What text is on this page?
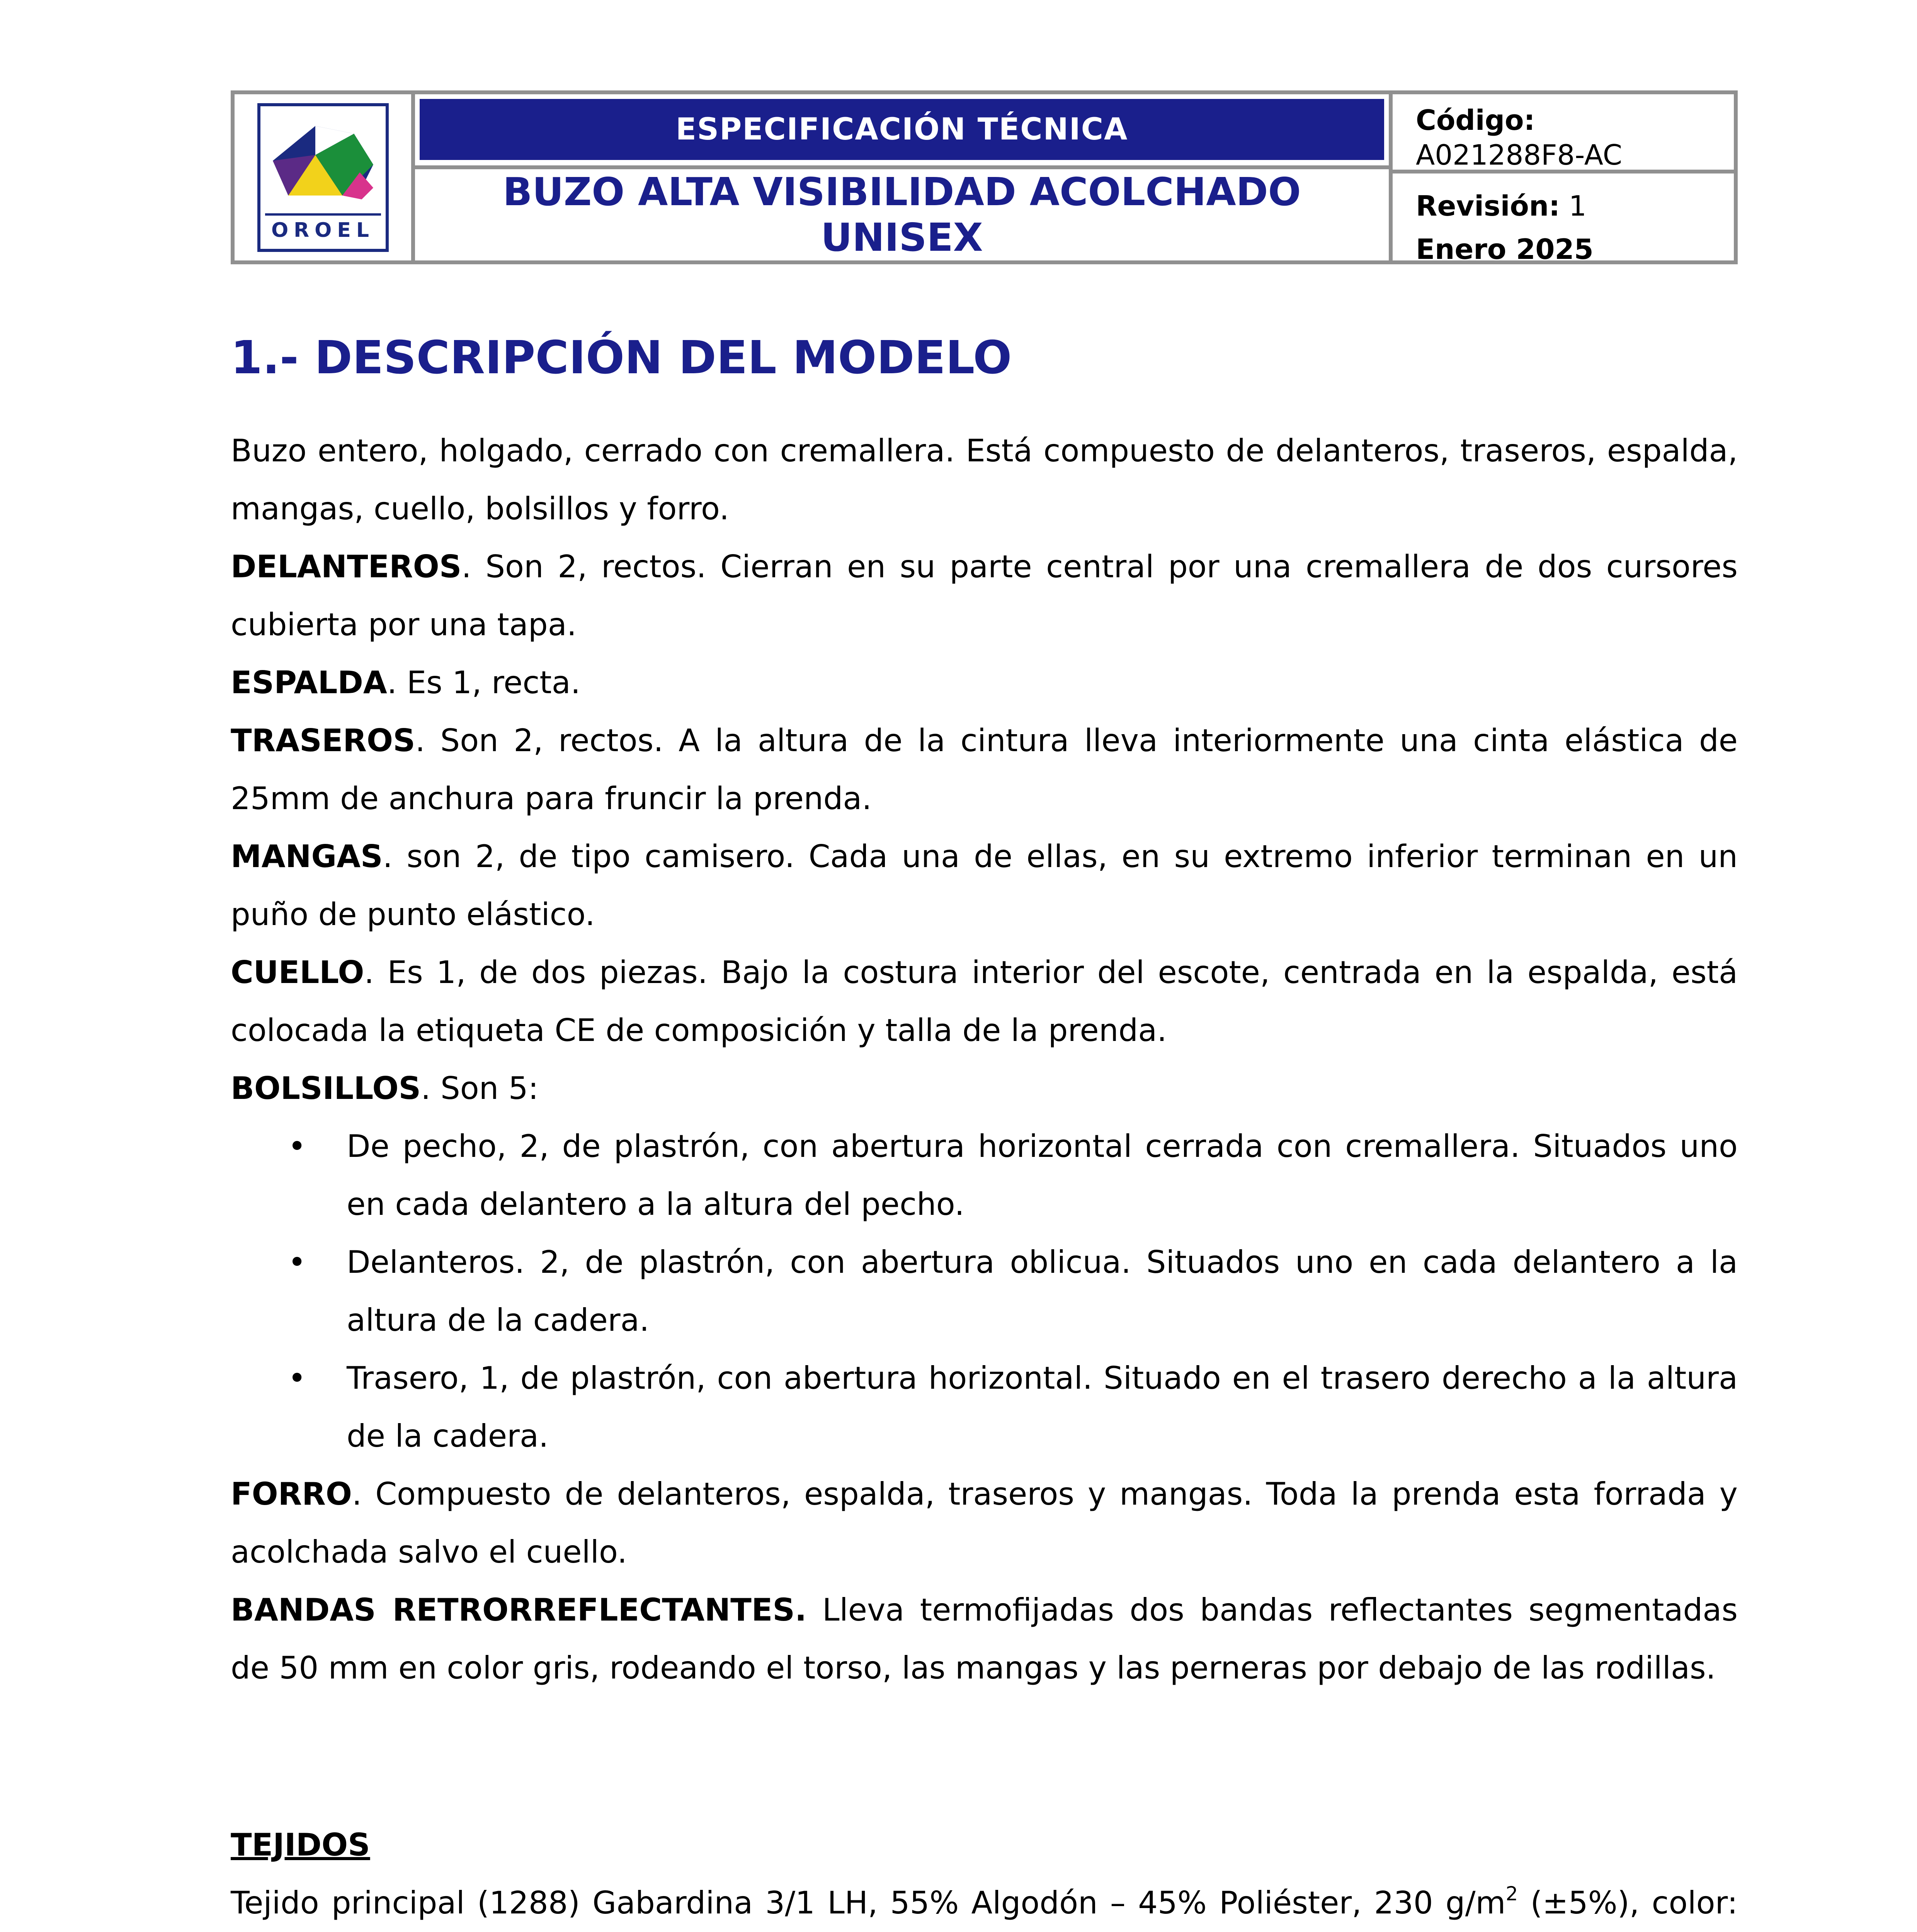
OROEL
ESPECIFICACIÓN TÉCNICA
BUZO ALTA VISIBILIDAD ACOLCHADO
UNISEX
Código:
A021288F8-AC
Revisión: 1
Enero 2025
1.- DESCRIPCIÓN DEL MODELO

Buzo entero, holgado, cerrado con cremallera. Está compuesto de delanteros, traseros, espalda, mangas, cuello, bolsillos y forro.

DELANTEROS. Son 2, rectos. Cierran en su parte central por una cremallera de dos cursores cubierta por una tapa.

ESPALDA. Es 1, recta.

TRASEROS. Son 2, rectos. A la altura de la cintura lleva interiormente una cinta elástica de 25mm de anchura para fruncir la prenda.

MANGAS. son 2, de tipo camisero. Cada una de ellas, en su extremo inferior terminan en un puño de punto elástico.

CUELLO. Es 1, de dos piezas. Bajo la costura interior del escote, centrada en la espalda, está colocada la etiqueta CE de composición y talla de la prenda.

BOLSILLOS. Son 5:

• De pecho, 2, de plastrón, con abertura horizontal cerrada con cremallera. Situados uno en cada delantero a la altura del pecho.
• Delanteros. 2, de plastrón, con abertura oblicua. Situados uno en cada delantero a la altura de la cadera.
• Trasero, 1, de plastrón, con abertura horizontal. Situado en el trasero derecho a la altura de la cadera.

FORRO. Compuesto de delanteros, espalda, traseros y mangas. Toda la prenda esta forrada y acolchada salvo el cuello.

BANDAS RETRORREFLECTANTES. Lleva termofijadas dos bandas reflectantes segmentadas de 50 mm en color gris, rodeando el torso, las mangas y las perneras por debajo de las rodillas.

TEJIDOS

Tejido principal (1288) Gabardina 3/1 LH, 55% Algodón – 45% Poliéster, 230 $g/m^2$ (±5%), color:
